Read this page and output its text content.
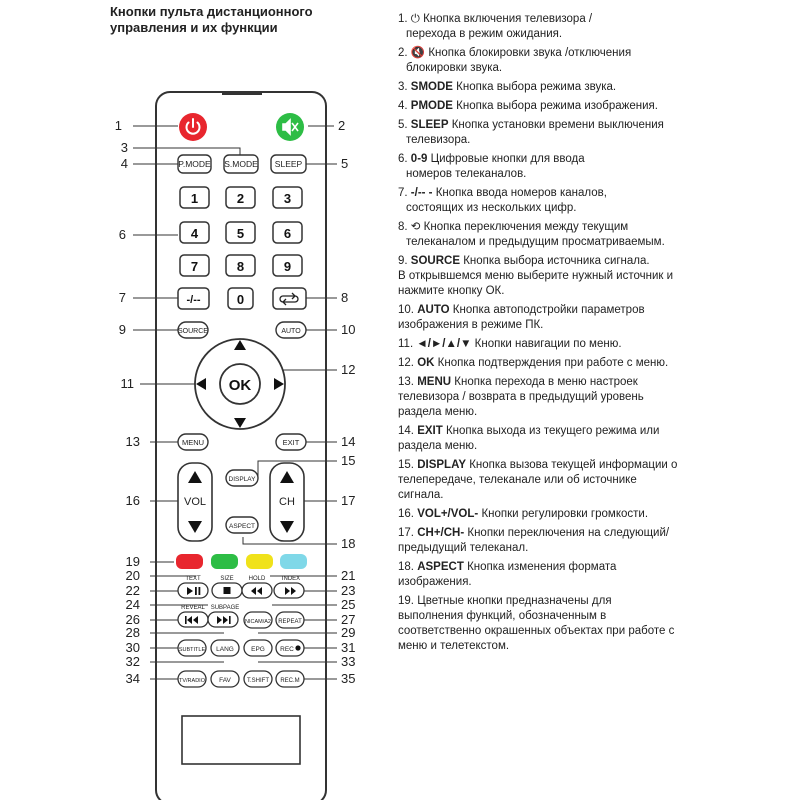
Кнопки пульта дистанционного
управления и их функции
1	2
3
4	5
6
7	8
9	10
11
12
13	14
15
16	17
18
19
20	21
22	23
24	25
26	27
28	29
30	31
32	33
34	35
P.MODE S.MODE SLEEP
1	2	3
4	5	6
7	8	9
-/--	0
SOURCE	AUTO
OK
MENU	EXIT
VOL	CH
DISPLAY
ASPECT
TEXT	SIZE HOLD	INDEX
REVEAL SUBPAGE
NICAM/A2 REPEAT
SUBTITLE LANG	EPG REC
TV/RADIO FAV	T.SHIFT REC.M
1. ⏻ Кнопка включения телевизора /
перехода в режим ожидания.
2. 🔇 Кнопка блокировки звука /отключения
блокировки звука.
3. SMODE Кнопка выбора режима звука.
4. PMODE Кнопка выбора режима изображения.
5. SLEEP Кнопка установки времени выключения
телевизора.
6. 0-9 Цифровые кнопки для ввода
номеров телеканалов.
7. -/-- - Кнопка ввода номеров каналов,
состоящих из нескольких цифр.
8. ⟲ Кнопка переключения между текущим
телеканалом и предыдущим просматриваемым.
9. SOURCE Кнопка выбора источника сигнала.
В открывшемся меню выберите нужный источник и
нажмите кнопку ОК.
10. AUTO Кнопка автоподстройки параметров
изображения в режиме ПК.
11. ◄/►/▲/▼ Кнопки навигации по меню.
12. OK Кнопка подтверждения при работе с меню.
13. MENU Кнопка перехода в меню настроек
телевизора / возврата в предыдущий уровень
раздела меню.
14. EXIT Кнопка выхода из текущего режима или
раздела меню.
15. DISPLAY Кнопка вызова текущей информации о
телепередаче, телеканале или об источнике
сигнала.
16. VOL+/VOL- Кнопки регулировки громкости.
17. CH+/CH- Кнопки переключения на следующий/
предыдущий телеканал.
18. ASPECT Кнопка изменения формата
изображения.
19. Цветные кнопки предназначены для
выполнения функций, обозначенным в
соответственно окрашенных объектах при работе с
меню и телетекстом.
